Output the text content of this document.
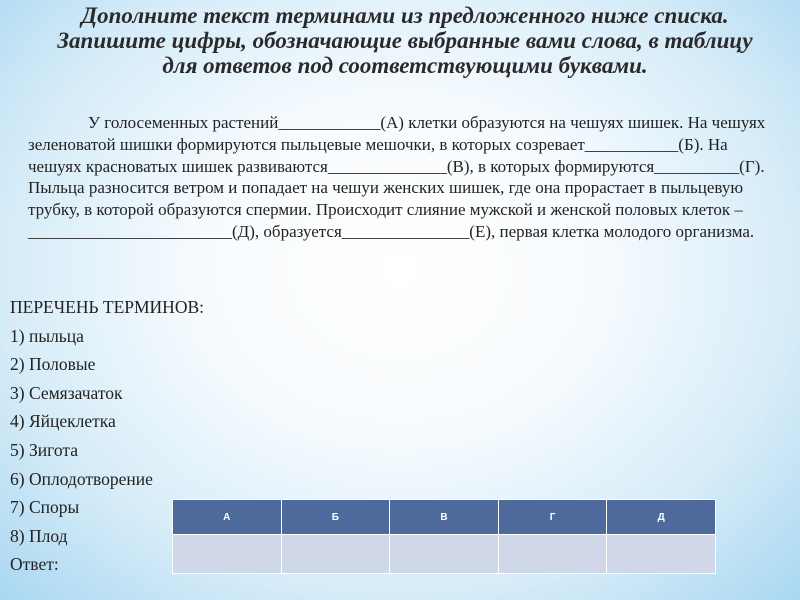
Дополните текст терминами из предложенного ниже списка. Запишите цифры, обозначающие выбранные вами слова, в таблицу для ответов под соответствующими буквами.
У голосеменных растений____________(А) клетки образуются на чешуях шишек. На чешуях зеленоватой шишки формируются пыльцевые мешочки, в которых созревает___________(Б). На чешуях красноватых шишек развиваются______________(В), в которых формируются__________(Г). Пыльца разносится ветром и попадает на чешуи женских шишек, где она прорастает в пыльцевую трубку, в которой образуются спермии. Происходит слияние мужской и женской половых клеток – ________________________(Д), образуется_______________(Е), первая клетка молодого организма.
ПЕРЕЧЕНЬ ТЕРМИНОВ:
1) пыльца
2) Половые
3) Семязачаток
4) Яйцеклетка
5) Зигота
6) Оплодотворение
7) Споры
8) Плод
Ответ:
А	Б	В	Г	Д
